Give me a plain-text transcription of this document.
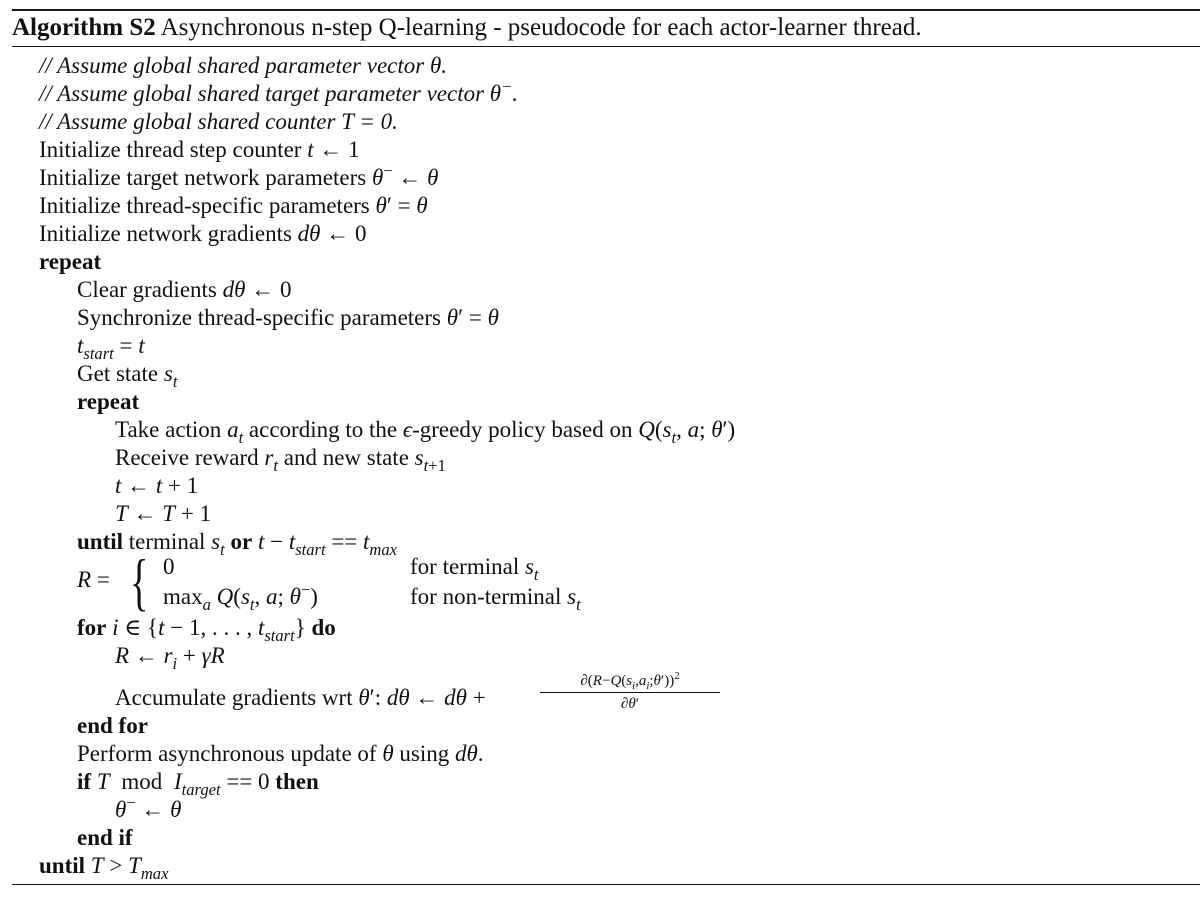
Algorithm S2 Asynchronous n-step Q-learning - pseudocode for each actor-learner thread.
// Assume global shared parameter vector θ.
// Assume global shared target parameter vector θ−.
// Assume global shared counter T = 0.
Initialize thread step counter t ← 1
Initialize target network parameters θ− ← θ
Initialize thread-specific parameters θ′ = θ
Initialize network gradients dθ ← 0
repeat
Clear gradients dθ ← 0
Synchronize thread-specific parameters θ′ = θ
$t_{start} = t$
Get state $s_t$
repeat
Take action $a_t$ according to the ϵ-greedy policy based on $Q(s_t$, a; θ′)
Receive reward $r_t$ and new state $s_{t+1}$
t ← t + 1
T ← T + 1
until terminal $s_t$ or $t - t_{start} == t_{max}$
R = { 0	for terminal $s_t$
$\max_a Q(s_t$, a; θ−)	for non-terminal $s_t$
for i ∈ {t − 1, . . . , $t_{start}$} do
R ← $r_i + \gamma R$
Accumulate gradients wrt θ′: dθ ← dθ +
$\partial(R-Q(s_i,a_i;\theta'))^2$
∂θ′
end for
Perform asynchronous update of θ using dθ.
if T mod $I_{target} == 0$ then
θ− ← θ
end if
until $T > T_{max}$
